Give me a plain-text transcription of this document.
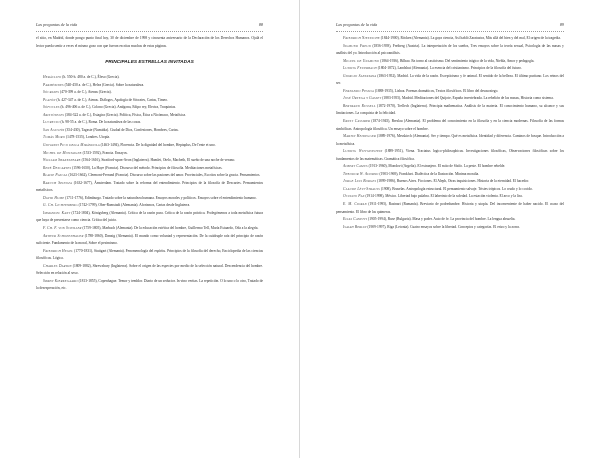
Las preguntas de la vida	88

el sitio, en Madrid, donde pongo punto final hoy, 30 de diciembre de 1998 y cincuenta aniversario de la Declaración de los Derechos Humanos. Ojalá el lector pueda sentir a veces el mismo gozo con que fueron escritas muchas de estas páginas.

PRINCIPALES ESTRELLAS INVITADAS

Heráclito (h. 550-h. 480 a. de C.), Éfeso (Grecia).

Parménides (540-450 a. de C.), Helea (Grecia). Sobre la naturaleza.

Sócrates (470-399 a. de C.), Atenas (Grecia).

Platón (h. 427-347 a. de C.), Atenas. Diálogos, Apología de Sócrates, Cartas, Timeo.

Sófocles (h. 496-406 a. de C.), Colono (Grecia). Antígona, Edipo rey, Electra, Traquinias.

Aristóteles (384-322 a. de C.), Estagira (Grecia). Política, Física, Ética a Nicómaco, Metafísica.

Lucrecio (h. 98-55 a. de C.), Roma. De la naturaleza de las cosas.

San Agustín (354-430), Tagaste (Numidia). Ciudad de Dios, Confesiones, Hombres, Cartas.

Tomás Moro (1478-1535), Londres. Utopía.

Giovanni Pico della Mirándola (1463-1494), Florencia. De la dignidad del hombre, Heptaplus, De l'ente et uno.

Michel de Montaigne (1533-1592), Francia. Ensayos.

William Shakespeare (1564-1616), Stratford-upon-Avon (Inglaterra). Hamlet, Otelo, Macbeth, El sueño de una noche de verano.

René Descartes (1596-1650), La Haye (Francia). Discurso del método. Principios de filosofía. Meditaciones metafísicas.

Blaise Pascal (1623-1662), Clermont-Ferrand (Francia). Discurso sobre las pasiones del amor. Provinciales, Escritos sobre la gracia. Pensamientos.

Baruch Spinoza (1632-1677), Ámsterdam. Tratado sobre la reforma del entendimiento. Principios de la filosofía de Descartes. Pensamientos metafísicos.

David Hume (1711-1776), Edimburgo. Tratado sobre la naturaleza humana. Ensayos morales y políticos. Ensayos sobre el entendimiento humano.

G. Ch. Lichtenberg (1742-1799), Ober-Ramstadt (Alemania). Aforismos, Cartas desde Inglaterra.

Immanuel Kant (1724-1804), Königsberg (Alemania). Crítica de la razón pura. Crítica de la razón práctica. Prolegómenos a toda metafísica futura que haya de presentarse como ciencia. Crítica del juicio.

F. Ch. F. von Schiller (1759-1805), Marbach (Alemania). De la educación estética del hombre, Guillermo Tell, María Estuardo, Oda a la alegría.

Arthur Schopenhauer (1788-1860), Danzig (Alemania). El mundo como voluntad y representación. De la cuádruple raíz del principio de razón suficiente. Fundamento de la moral, Sobre el pesimismo.

Friedrich Hegel (1770-1831), Stuttgart (Alemania). Fenomenología del espíritu. Principios de la filosofía del derecho, Enciclopedia de las ciencias filosóficas. Lógica.

Charles Darwin (1809-1882), Shrewsbury (Inglaterra). Sobre el origen de las especies por medio de la selección natural. Descendencia del hombre. Selección en relación al sexo.

Søren Kierkegaard (1813-1855), Copenhague. Temor y temblor. Diario de un seductor. In vino veritas. La repetición. O lo uno o lo otro, Tratado de la desesperación, etc.

Las preguntas de la vida	89

Friedrich Nietzsche (1844-1900), Röcken (Alemania). La gaya ciencia, Así habló Zaratustra, Más allá del bien y del mal, El origen de la tragedia.

Sigmund Freud (1856-1939), Freiberg (Austria). La interpretación de los sueños, Tres ensayos sobre la teoría sexual, Psicología de las masas y análisis del yo. Introducción al psicoanálisis.

Miguel de Unamuno (1864-1936), Bilbao. En torno al casticismo. Del sentimiento trágico de la vida, Niebla, Amor y pedagogía.

Ludwig Feuerbach (1804-1872), Landshut (Alemania). La esencia del cristianismo. Principios de la filosofía del futuro.

Giorgio Santayana (1863-1952), Madrid. La vida de la razón. Escepticismo y fe animal. El sentido de la belleza. El último puritano. Los reinos del ser.

Fernando Pessoa (1888-1935), Lisboa. Poemas dramáticos, Textos filosóficos. El libro del desasosiego.

José Ortega y Gasset (1883-1955), Madrid. Meditaciones del Quijote, España invertebrada. La rebelión de las masas, Historia como sistema.

Bertrand Russell (1872-1970), Trellech (Inglaterra). Principia mathematica. Análisis de la materia. El conocimiento humano, su alcance y sus limitaciones. La conquista de la felicidad.

Ernst Cassirer (1874-1945), Breslau (Alemania). El problema del conocimiento en la filosofía y en la ciencia modernas. Filosofía de las formas simbólicas. Antropología filosófica. Un ensayo sobre el hombre.

Martin Heidegger (1889-1976), Messkirch (Alemania). Ser y tiempo. Qué es metafísica. Identidad y diferencia. Caminos de bosque. Introducción a la metafísica.

Ludwig Wittgenstein (1889-1951), Viena. Tractatus logico-philosophicus. Investigaciones filosóficas, Observaciones filosóficas sobre los fundamentos de las matemáticas. Gramática filosófica.

Albert Camus (1913-1960), Mondovi (Argelia). El extranjero. El mito de Sísifo. La peste. El hombre rebelde.

Theodor W. Adorno (1903-1969), Frankfurt. Dialéctica de la Ilustración. Minima moralia.

Jorge Luis Borges (1899-1986), Buenos Aires. Ficciones. El Aleph, Otras inquisiciones. Historia de la eternidad. El hacedor.

Claude Lévi-Strauss (1908), Bruselas. Antropología estructural. El pensamiento salvaje. Tristes trópicos. Lo crudo y lo cocido.

Octavio Paz (1914-1998), México. Libertad bajo palabra. El laberinto de la soledad. La estación violenta. El arco y la lira.

E. M. Cioran (1911-1995), Rasinari (Rumanía). Breviario de podredumbre. Historia y utopía. Del inconveniente de haber nacido. El ocaso del pensamiento. El libro de las quimeras.

Elias Canetti (1905-1994), Ruse (Bulgaria). Masa y poder. Auto de fe. La provincia del hombre. La lengua absuelta.

Isaiah Berlin (1909-1997), Riga (Letonia). Cuatro ensayos sobre la libertad. Conceptos y categorías. El erizo y la zorra.
